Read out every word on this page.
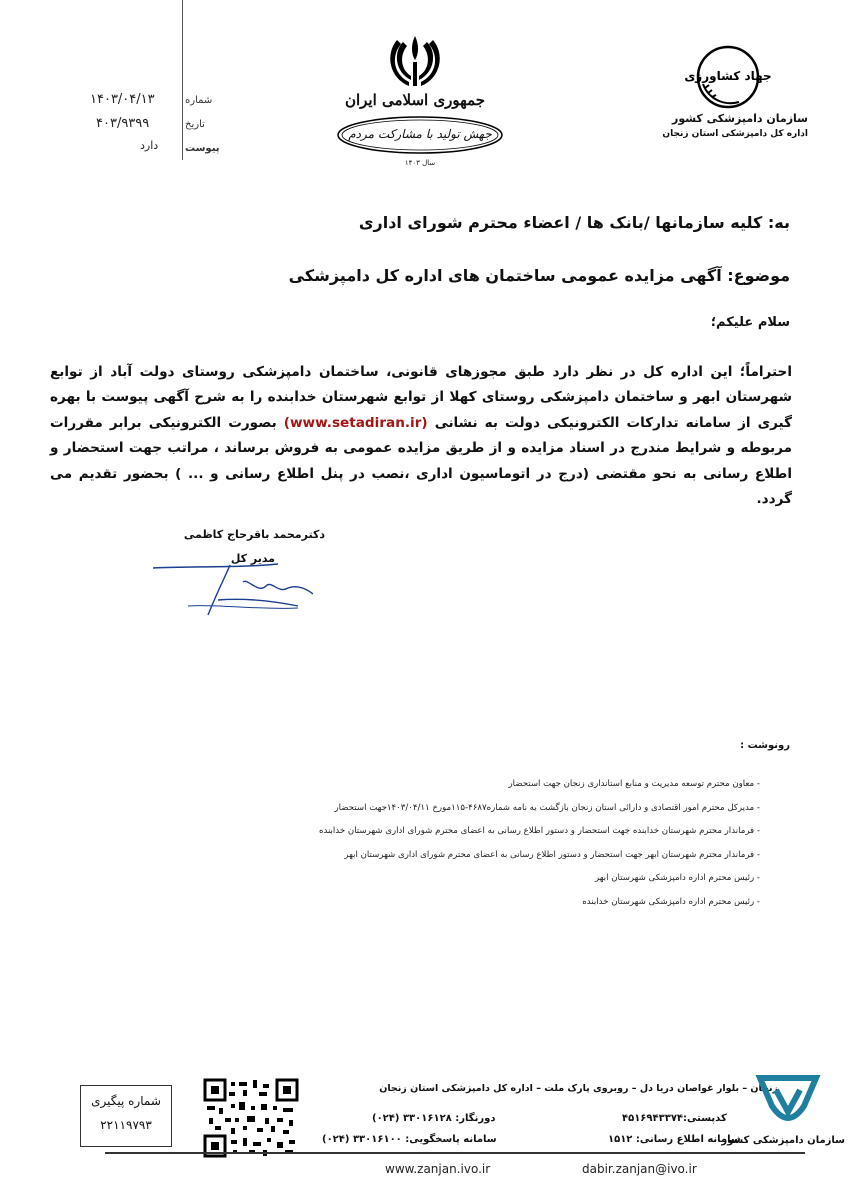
۱۴۰۳/۰۴/۱۳
۴۰۳/۹۳۹۹
دارد
شماره
تاریخ
پیوست
جمهوری اسلامی ایران
جهش تولید با مشارکت مردم
سال ۱۴۰۳
جهاد کشاورزی
سازمان دامپزشکی کشور
اداره کل دامپزشکی استان زنجان
به: کلیه سازمانها /بانک ها / اعضاء محترم شورای اداری
موضوع: آگهی مزایده عمومی ساختمان های اداره کل دامپزشکی
سلام علیکم؛
احتراماً؛ این اداره کل در نظر دارد طبق مجوزهای قانونی، ساختمان دامپزشکی روستای دولت آباد از توابع شهرستان ابهر و ساختمان دامپزشکی روستای کهلا از توابع شهرستان خدابنده را به شرح آگهی پیوست با بهره گیری از سامانه تدارکات الکترونیکی دولت به نشانی (www.setadiran.ir) بصورت الکترونیکی برابر مقررات مربوطه و شرایط مندرج در اسناد مزایده و از طریق مزایده عمومی به فروش برساند ، مراتب جهت استحضار و اطلاع رسانی به نحو مقتضی (درج در اتوماسیون اداری ،نصب در پنل اطلاع رسانی و ... ) بحضور تقدیم می گردد.
دکترمحمد باقرحاج کاظمی
مدیر کل
رونوشت :
- معاون محترم توسعه مدیریت و منابع استانداری زنجان جهت استحضار
- مدیرکل محترم امور اقتصادی و دارائی استان زنجان بازگشت به نامه شماره۴۶۸۷-۱۱۵مورخ ۱۴۰۳/۰۴/۱۱جهت استحضار
- فرماندار محترم شهرستان خدابنده جهت استحضار و دستور اطلاع رسانی به اعضای محترم شورای اداری شهرستان خدابنده
- فرماندار محترم شهرستان ابهر جهت استحضار و دستور اطلاع رسانی به اعضای محترم شورای اداری شهرستان ابهر
- رئیس محترم اداره دامپزشکی شهرستان ابهر
- رئیس محترم اداره دامپزشکی شهرستان خدابنده
شماره پیگیری
۲۲۱۱۹۷۹۳
زنجان – بلوار غواصان دریا دل – روبروی پارک ملت – اداره کل دامپزشکی استان زنجان
کدپستی:۴۵۱۶۹۴۳۳۷۴
دورنگار: ۳۳۰۱۶۱۲۸ (۰۲۴)
سامانه اطلاع رسانی: ۱۵۱۲
سامانه پاسخگویی: ۳۳۰۱۶۱۰۰ (۰۲۴)
www.zanjan.ivo.ir	dabir.zanjan@ivo.ir
سازمان دامپزشکی کشور
